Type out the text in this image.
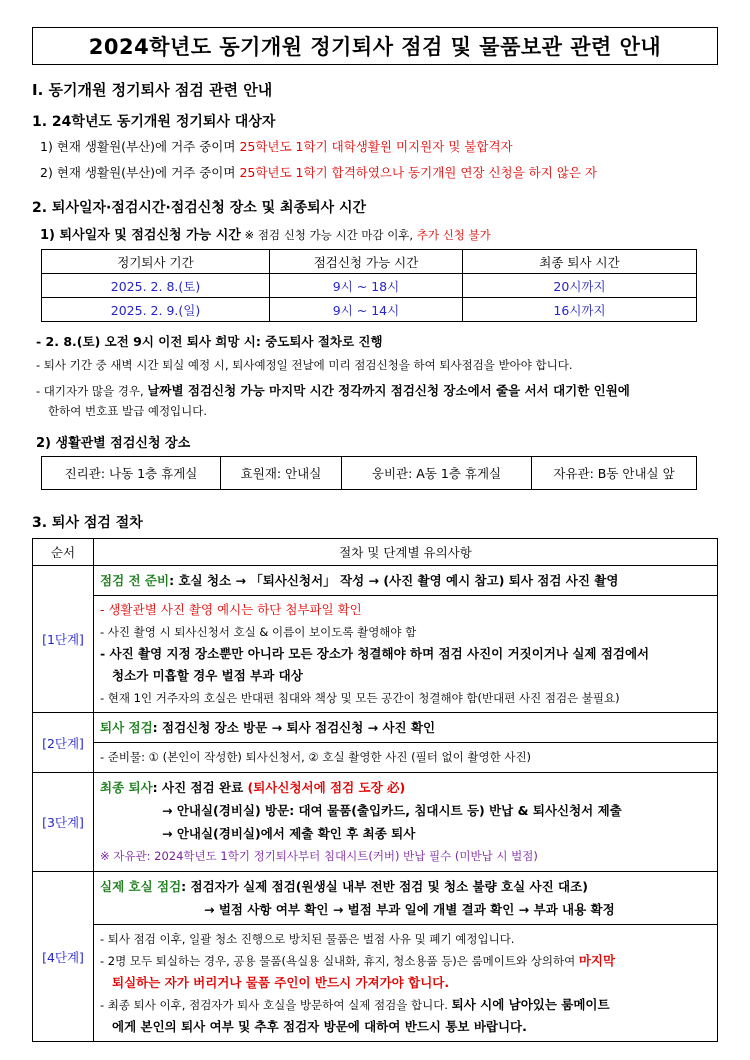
2024학년도 동기개원 정기퇴사 점검 및 물품보관 관련 안내
Ⅰ. 동기개원 정기퇴사 점검 관련 안내
1. 24학년도 동기개원 정기퇴사 대상자
1) 현재 생활원(부산)에 거주 중이며 25학년도 1학기 대학생활원 미지원자 및 불합격자
2) 현재 생활원(부산)에 거주 중이며 25학년도 1학기 합격하였으나 동기개원 연장 신청을 하지 않은 자
2. 퇴사일자·점검시간·점검신청 장소 및 최종퇴사 시간
1) 퇴사일자 및 점검신청 가능 시간 ※ 점검 신청 가능 시간 마감 이후, 추가 신청 불가
정기퇴사 기간	점검신청 가능 시간	최종 퇴사 시간
2025. 2. 8.(토)	9시 ~ 18시	20시까지
2025. 2. 9.(일)	9시 ~ 14시	16시까지
- 2. 8.(토) 오전 9시 이전 퇴사 희망 시: 중도퇴사 절차로 진행
- 퇴사 기간 중 새벽 시간 퇴실 예정 시, 퇴사예정일 전날에 미리 점검신청을 하여 퇴사점검을 받아야 합니다.
- 대기자가 많을 경우, 날짜별 점검신청 가능 마지막 시간 정각까지 점검신청 장소에서 줄을 서서 대기한 인원에
한하여 번호표 발급 예정입니다.
2) 생활관별 점검신청 장소
진리관: 나동 1층 휴게실	효원재: 안내실	웅비관: A동 1층 휴게실	자유관: B동 안내실 앞
3. 퇴사 점검 절차
순서	절차 및 단계별 유의사항
[1단계]	점검 전 준비: 호실 청소 → 「퇴사신청서」 작성 → (사진 촬영 예시 참고) 퇴사 점검 사진 촬영

	- 생활관별 사진 촬영 예시는 하단 첨부파일 확인
- 사진 촬영 시 퇴사신청서 호실 & 이름이 보이도록 촬영해야 함
- 사진 촬영 지정 장소뿐만 아니라 모든 장소가 청결해야 하며 점검 사진이 거짓이거나 실제 점검에서
청소가 미흡할 경우 벌점 부과 대상
- 현재 1인 거주자의 호실은 반대편 침대와 책상 및 모든 공간이 청결해야 함(반대편 사진 점검은 불필요)

[2단계]	퇴사 점검: 점검신청 장소 방문 → 퇴사 점검신청 → 사진 확인

	- 준비물: ① (본인이 작성한) 퇴사신청서, ② 호실 촬영한 사진 (필터 없이 촬영한 사진)

[3단계]	최종 퇴사: 사진 점검 완료 (퇴사신청서에 점검 도장 必)
→ 안내실(경비실) 방문: 대여 물품(출입카드, 침대시트 등) 반납 & 퇴사신청서 제출
→ 안내실(경비실)에서 제출 확인 후 최종 퇴사
※ 자유관: 2024학년도 1학기 정기퇴사부터 침대시트(커버) 반납 필수 (미반납 시 벌점)

[4단계]	실제 호실 점검: 점검자가 실제 점검(원생실 내부 전반 점검 및 청소 불량 호실 사진 대조)
→ 벌점 사항 여부 확인 → 벌점 부과 일에 개별 결과 확인 → 부과 내용 확정

	- 퇴사 점검 이후, 일괄 청소 진행으로 방치된 물품은 벌점 사유 및 폐기 예정입니다.
- 2명 모두 퇴실하는 경우, 공용 물품(욕실용 실내화, 휴지, 청소용품 등)은 룸메이트와 상의하여 마지막
퇴실하는 자가 버리거나 물품 주인이 반드시 가져가야 합니다.
- 최종 퇴사 이후, 점검자가 퇴사 호실을 방문하여 실제 점검을 합니다. 퇴사 시에 남아있는 룸메이트
에게 본인의 퇴사 여부 및 추후 점검자 방문에 대하여 반드시 통보 바랍니다.
